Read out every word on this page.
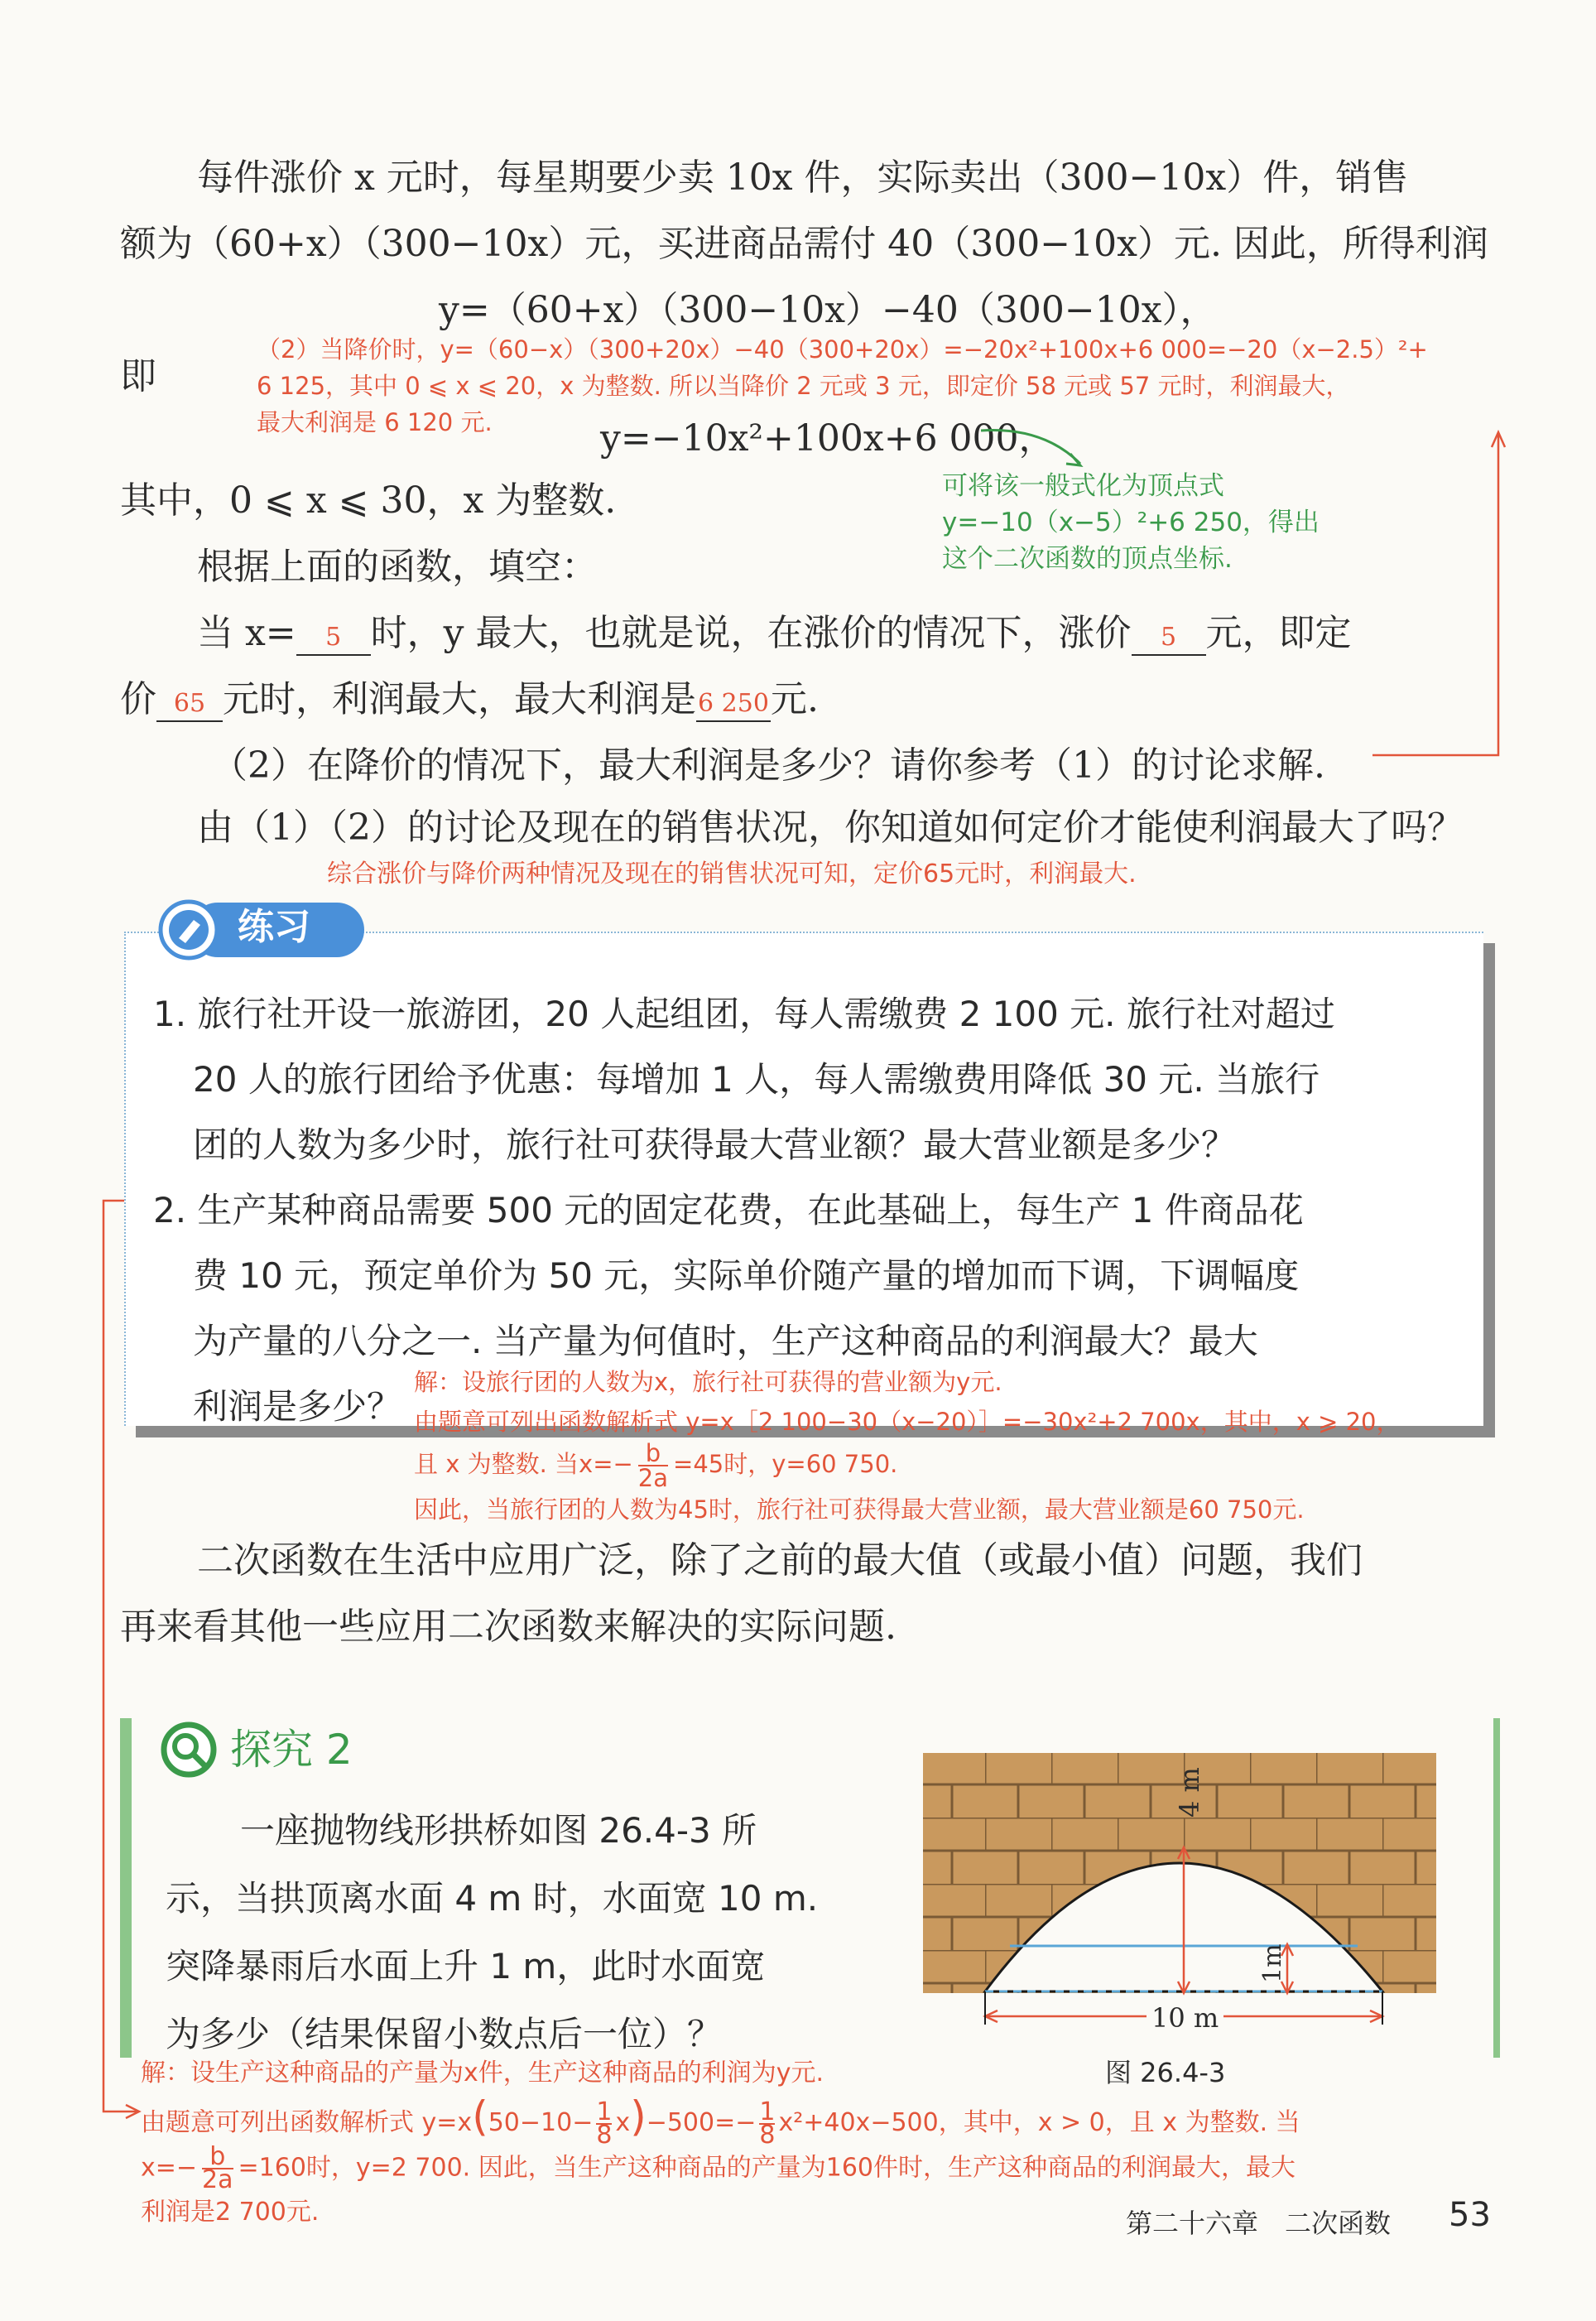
每件涨价 x 元时，每星期要少卖 10x 件，实际卖出（300−10x）件，销售
额为（60+x）（300−10x）元，买进商品需付 40（300−10x）元. 因此，所得利润
y=（60+x）（300−10x）−40（300−10x），
即
（2）当降价时，y=（60−x）（300+20x）−40（300+20x）=−20x²+100x+6 000=−20（x−2.5）²+
6 125，其中 0 ⩽ x ⩽ 20，x 为整数. 所以当降价 2 元或 3 元，即定价 58 元或 57 元时，利润最大，
最大利润是 6 120 元.	y=−10x²+100x+6 000，
可将该一般式化为顶点式
y=−10（x−5）²+6 250，得出
这个二次函数的顶点坐标.
其中，0 ⩽ x ⩽ 30，x 为整数.
根据上面的函数，填空：
当 x= 5 时，y 最大，也就是说，在涨价的情况下，涨价 5 元，即定
价 65 元时，利润最大，最大利润是6 250元.
（2）在降价的情况下，最大利润是多少？请你参考（1）的讨论求解.
由（1）（2）的讨论及现在的销售状况，你知道如何定价才能使利润最大了吗？
综合涨价与降价两种情况及现在的销售状况可知，定价65元时，利润最大.
练习
1. 旅行社开设一旅游团，20 人起组团，每人需缴费 2 100 元. 旅行社对超过
20 人的旅行团给予优惠：每增加 1 人，每人需缴费用降低 30 元. 当旅行
团的人数为多少时，旅行社可获得最大营业额？最大营业额是多少？
2. 生产某种商品需要 500 元的固定花费，在此基础上，每生产 1 件商品花
费 10 元，预定单价为 50 元，实际单价随产量的增加而下调，下调幅度
为产量的八分之一. 当产量为何值时，生产这种商品的利润最大？最大
利润是多少？
解：设旅行团的人数为x，旅行社可获得的营业额为y元.
由题意可列出函数解析式 y=x［2 100−30（x−20）］=−30x²+2 700x，其中，x ⩾ 20，
且 x 为整数. 当$x=- \frac{b}{2a} =45$时，y=60 750.
因此，当旅行团的人数为45时，旅行社可获得最大营业额，最大营业额是60 750元.
二次函数在生活中应用广泛，除了之前的最大值（或最小值）问题，我们
再来看其他一些应用二次函数来解决的实际问题.
探究 2
一座抛物线形拱桥如图 26.4-3 所
示，当拱顶离水面 4 m 时，水面宽 10 m.
突降暴雨后水面上升 1 m，此时水面宽
为多少（结果保留小数点后一位）？
4 m
1m
10 m
图 26.4-3
解：设生产这种商品的产量为x件，生产这种商品的利润为y元.
由题意可列出函数解析式 $y=x(50-10- \frac{1}{8} x)-500=- \frac{1}{8} x^2+40x-500$，其中，x > 0，且 x 为整数. 当
$x=- \frac{b}{2a} =160$时，y=2 700. 因此，当生产这种商品的产量为160件时，生产这种商品的利润最大，最大
利润是2 700元.	第二十六章　二次函数 53
